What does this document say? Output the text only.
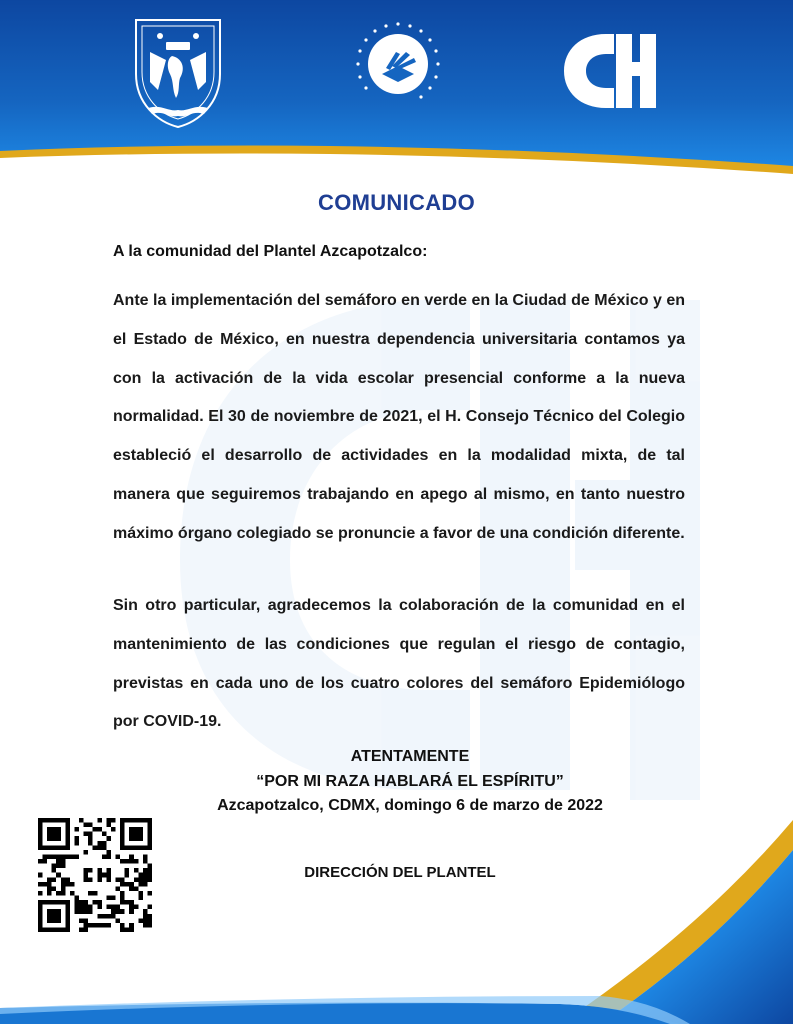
COMUNICADO
A la comunidad del Plantel Azcapotzalco:
Ante la implementación del semáforo en verde en la Ciudad de México y en el Estado de México, en nuestra dependencia universitaria contamos ya con la activación de la vida escolar presencial conforme a la nueva normalidad. El 30 de noviembre de 2021, el H. Consejo Técnico del Colegio estableció el desarrollo de actividades en la modalidad mixta, de tal manera que seguiremos trabajando en apego al mismo, en tanto nuestro máximo órgano colegiado se pronuncie a favor de una condición diferente.
Sin otro particular, agradecemos la colaboración de la comunidad en el mantenimiento de las condiciones que regulan el riesgo de contagio, previstas en cada uno de los cuatro colores del semáforo Epidemiólogo por COVID-19.
ATENTAMENTE
“POR MI RAZA HABLARÁ EL ESPÍRITU”
Azcapotzalco, CDMX, domingo 6 de marzo de 2022
DIRECCIÓN DEL PLANTEL
